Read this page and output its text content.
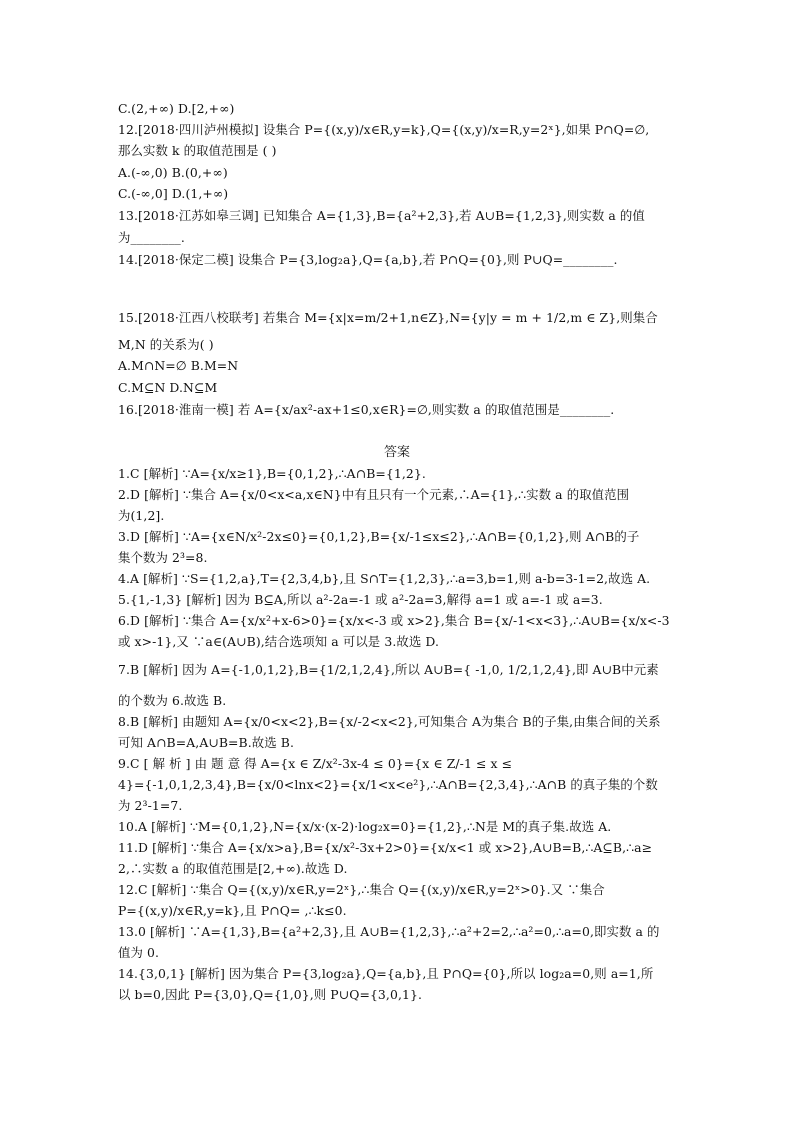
C.(2,+∞) D.[2,+∞)
12.[2018·四川泸州模拟] 设集合 P={(x,y)/x∈R,y=k},Q={(x,y)/x=R,y=2ˣ},如果 P∩Q=∅,
那么实数 k 的取值范围是 ( )
A.(-∞,0) B.(0,+∞)
C.(-∞,0] D.(1,+∞)
13.[2018·江苏如皋三调] 已知集合 A={1,3},B={a²+2,3},若 A∪B={1,2,3},则实数 a 的值
为________.
14.[2018·保定二模] 设集合 P={3,log₂a},Q={a,b},若 P∩Q={0},则 P∪Q=________.
15.[2018·江西八校联考] 若集合 M={x|x=m/2+1,n∈Z},N={y|y = m + 1/2,m ∈ Z},则集合
M,N 的关系为( )
A.M∩N=∅ B.M=N
C.M⊆N D.N⊆M
16.[2018·淮南一模] 若 A={x/ax²-ax+1≤0,x∈R}=∅,则实数 a 的取值范围是________.
答案
1.C [解析] ∵A={x/x≥1},B={0,1,2},∴A∩B={1,2}.
2.D [解析] ∵集合 A={x/0<x<a,x∈N}中有且只有一个元素,∴A={1},∴实数 a 的取值范围
为(1,2].
3.D [解析] ∵A={x∈N/x²-2x≤0}={0,1,2},B={x/-1≤x≤2},∴A∩B={0,1,2},则 A∩B的子
集个数为 2³=8.
4.A [解析] ∵S={1,2,a},T={2,3,4,b},且 S∩T={1,2,3},∴a=3,b=1,则 a-b=3-1=2,故选 A.
5.{1,-1,3} [解析] 因为 B⊆A,所以 a²-2a=-1 或 a²-2a=3,解得 a=1 或 a=-1 或 a=3.
6.D [解析] ∵集合 A={x/x²+x-6>0}={x/x<-3 或 x>2},集合 B={x/-1<x<3},∴A∪B={x/x<-3
或 x>-1},又 ∵a∈(A∪B),结合选项知 a 可以是 3.故选 D.
7.B [解析] 因为 A={-1,0,1,2},B={1/2,1,2,4},所以 A∪B={ -1,0, 1/2,1,2,4},即 A∪B中元素
的个数为 6.故选 B.
8.B [解析] 由题知 A={x/0<x<2},B={x/-2<x<2},可知集合 A为集合 B的子集,由集合间的关系
可知 A∩B=A,A∪B=B.故选 B.
9.C [ 解 析 ] 由 题 意 得 A={x ∈ Z/x²-3x-4 ≤ 0}={x ∈ Z/-1 ≤ x ≤
4}={-1,0,1,2,3,4},B={x/0<lnx<2}={x/1<x<e²},∴A∩B={2,3,4},∴A∩B 的真子集的个数
为 2³-1=7.
10.A [解析] ∵M={0,1,2},N={x/x·(x-2)·log₂x=0}={1,2},∴N是 M的真子集.故选 A.
11.D [解析] ∵集合 A={x/x>a},B={x/x²-3x+2>0}={x/x<1 或 x>2},A∪B=B,∴A⊆B,∴a≥
2,∴实数 a 的取值范围是[2,+∞).故选 D.
12.C [解析] ∵集合 Q={(x,y)/x∈R,y=2ˣ},∴集合 Q={(x,y)/x∈R,y=2ˣ>0}.又 ∵集合
P={(x,y)/x∈R,y=k},且 P∩Q= ,∴k≤0.
13.0 [解析] ∵A={1,3},B={a²+2,3},且 A∪B={1,2,3},∴a²+2=2,∴a²=0,∴a=0,即实数 a 的
值为 0.
14.{3,0,1} [解析] 因为集合 P={3,log₂a},Q={a,b},且 P∩Q={0},所以 log₂a=0,则 a=1,所
以 b=0,因此 P={3,0},Q={1,0},则 P∪Q={3,0,1}.
